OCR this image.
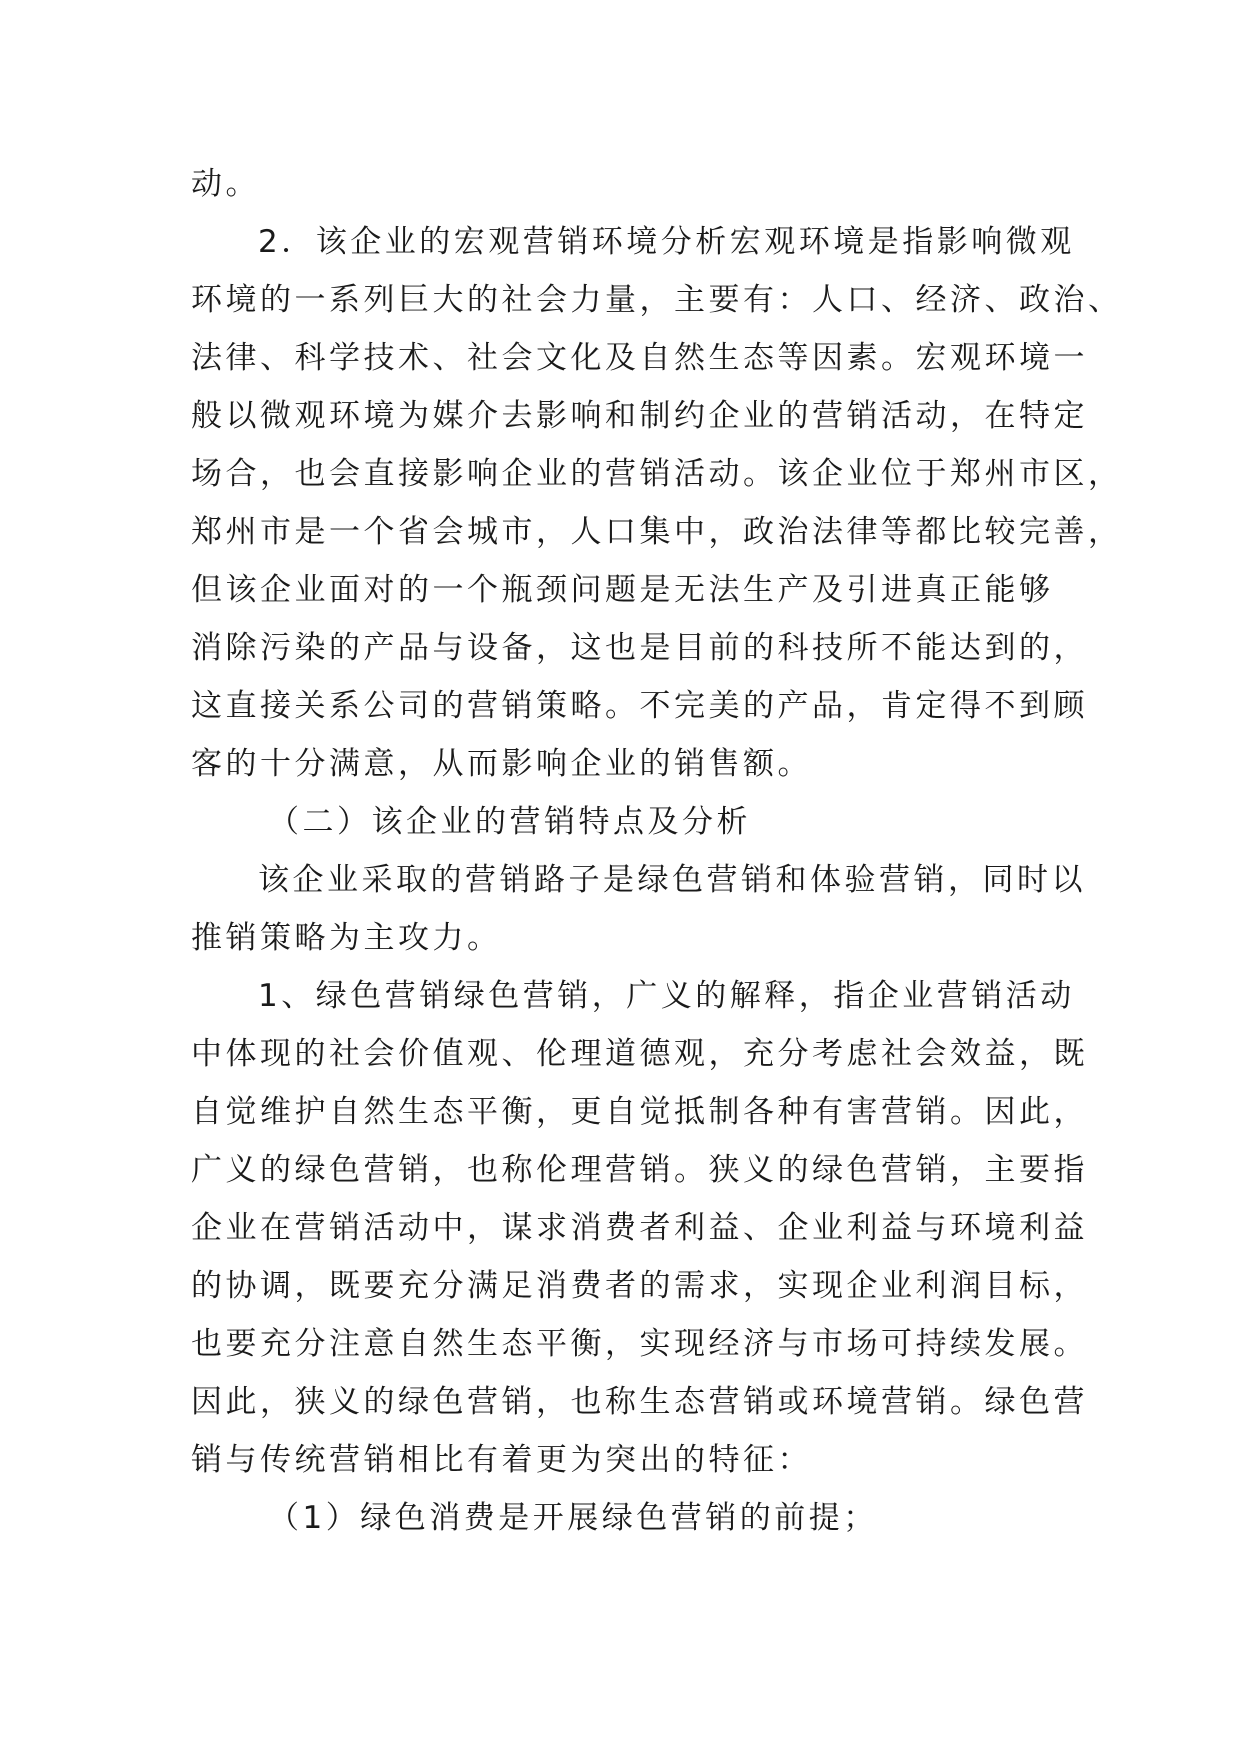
动。
2．该企业的宏观营销环境分析宏观环境是指影响微观
环境的一系列巨大的社会力量，主要有：人口、经济、政治、
法律、科学技术、社会文化及自然生态等因素。宏观环境一
般以微观环境为媒介去影响和制约企业的营销活动，在特定
场合，也会直接影响企业的营销活动。该企业位于郑州市区，
郑州市是一个省会城市，人口集中，政治法律等都比较完善，
但该企业面对的一个瓶颈问题是无法生产及引进真正能够
消除污染的产品与设备，这也是目前的科技所不能达到的，
这直接关系公司的营销策略。不完美的产品，肯定得不到顾
客的十分满意，从而影响企业的销售额。
（二）该企业的营销特点及分析
该企业采取的营销路子是绿色营销和体验营销，同时以
推销策略为主攻力。
1、绿色营销绿色营销，广义的解释，指企业营销活动
中体现的社会价值观、伦理道德观，充分考虑社会效益，既
自觉维护自然生态平衡，更自觉抵制各种有害营销。因此，
广义的绿色营销，也称伦理营销。狭义的绿色营销，主要指
企业在营销活动中，谋求消费者利益、企业利益与环境利益
的协调，既要充分满足消费者的需求，实现企业利润目标，
也要充分注意自然生态平衡，实现经济与市场可持续发展。
因此，狭义的绿色营销，也称生态营销或环境营销。绿色营
销与传统营销相比有着更为突出的特征：
（1）绿色消费是开展绿色营销的前提；
